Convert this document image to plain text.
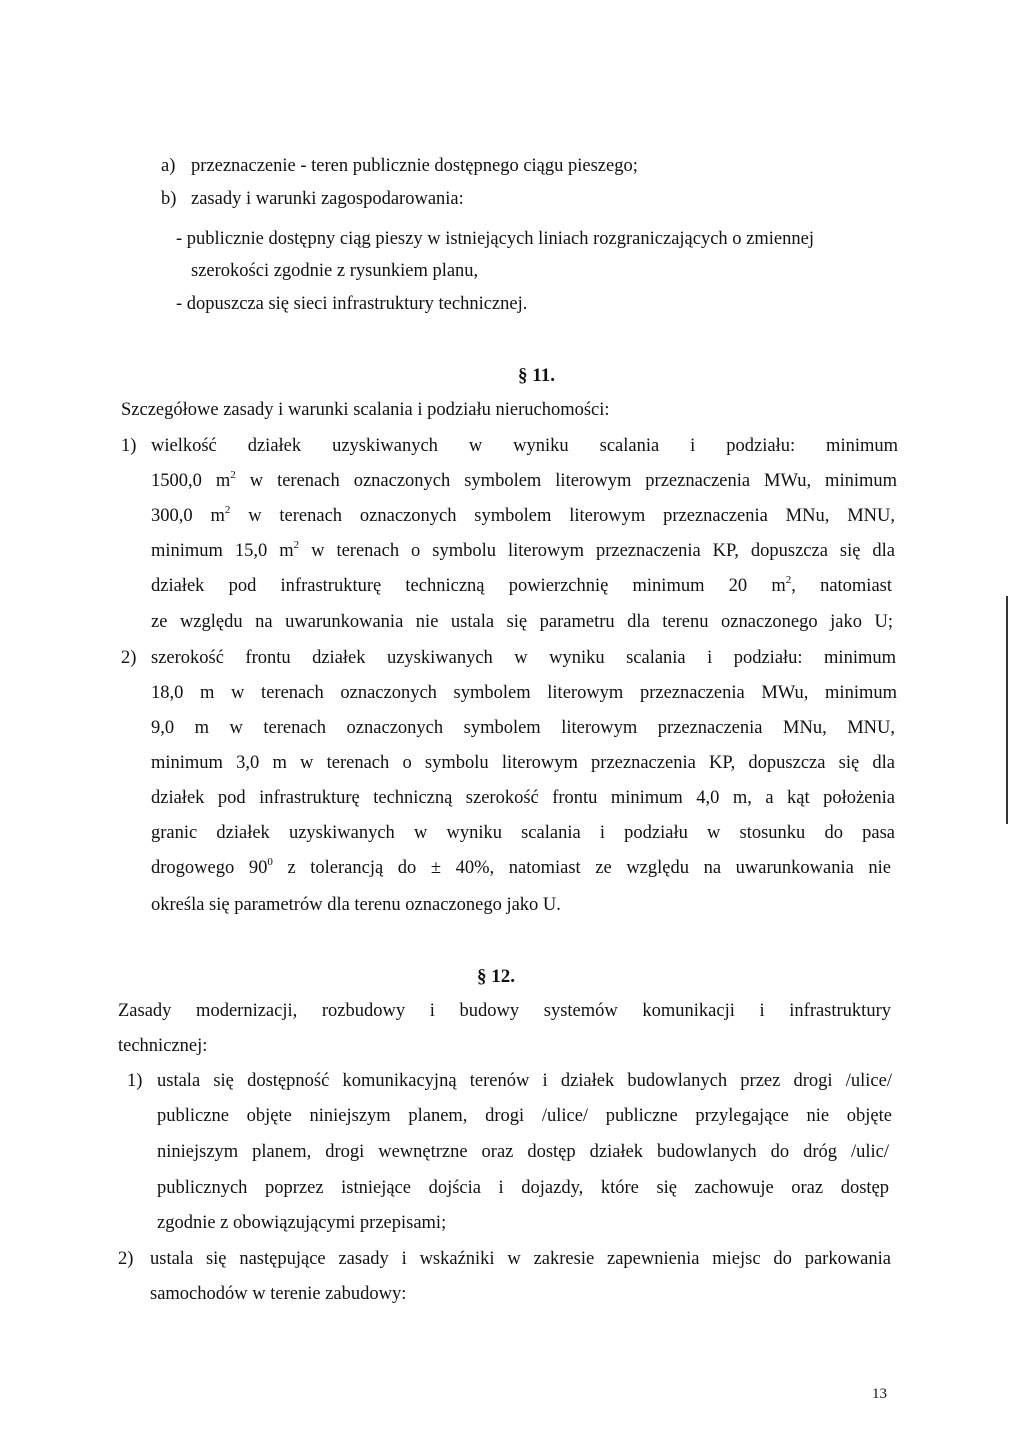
a) przeznaczenie - teren publicznie dostępnego ciągu pieszego;
b) zasady i warunki zagospodarowania:
- publicznie dostępny ciąg pieszy w istniejących liniach rozgraniczających o zmiennej
szerokości zgodnie z rysunkiem planu,
- dopuszcza się sieci infrastruktury technicznej.
§ 11.
Szczegółowe zasady i warunki scalania i podziału nieruchomości:
1) wielkość działek uzyskiwanych w wyniku scalania i podziału: minimum
1500,0 $m^2$ w terenach oznaczonych symbolem literowym przeznaczenia MWu, minimum
300,0 $m^2$ w terenach oznaczonych symbolem literowym przeznaczenia MNu, MNU,
minimum 15,0 $m^2$ w terenach o symbolu literowym przeznaczenia KP, dopuszcza się dla
działek pod infrastrukturę techniczną powierzchnię minimum 20 $m^2$, natomiast
ze względu na uwarunkowania nie ustala się parametru dla terenu oznaczonego jako U;
2) szerokość frontu działek uzyskiwanych w wyniku scalania i podziału: minimum
18,0 m w terenach oznaczonych symbolem literowym przeznaczenia MWu, minimum
9,0 m w terenach oznaczonych symbolem literowym przeznaczenia MNu, MNU,
minimum 3,0 m w terenach o symbolu literowym przeznaczenia KP, dopuszcza się dla
działek pod infrastrukturę techniczną szerokość frontu minimum 4,0 m, a kąt położenia
granic działek uzyskiwanych w wyniku scalania i podziału w stosunku do pasa
drogowego $90^0$ z tolerancją do ± 40%, natomiast ze względu na uwarunkowania nie
określa się parametrów dla terenu oznaczonego jako U.
§ 12.
Zasady modernizacji, rozbudowy i budowy systemów komunikacji i infrastruktury
technicznej:
1) ustala się dostępność komunikacyjną terenów i działek budowlanych przez drogi /ulice/
publiczne objęte niniejszym planem, drogi /ulice/ publiczne przylegające nie objęte
niniejszym planem, drogi wewnętrzne oraz dostęp działek budowlanych do dróg /ulic/
publicznych poprzez istniejące dojścia i dojazdy, które się zachowuje oraz dostęp
zgodnie z obowiązującymi przepisami;
2) ustala się następujące zasady i wskaźniki w zakresie zapewnienia miejsc do parkowania
samochodów w terenie zabudowy:
13
